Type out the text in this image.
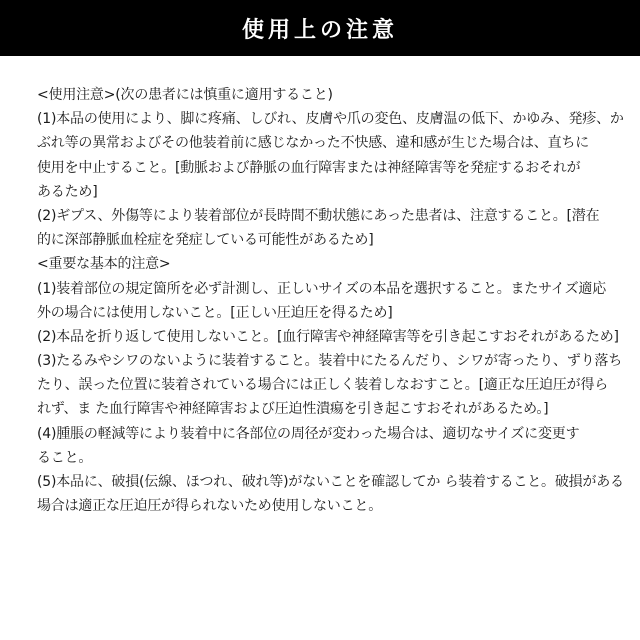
使用上の注意
<使用注意>(次の患者には慎重に適用すること)
(1)本品の使用により、脚に疼痛、しびれ、皮膚や爪の変色、皮膚温の低下、かゆみ、発疹、か
ぶれ等の異常およびその他装着前に感じなかった不快感、違和感が生じた場合は、直ちに
使用を中止すること。[動脈および静脈の血行障害または神経障害等を発症するおそれが
あるため]
(2)ギプス、外傷等により装着部位が長時間不動状態にあった患者は、注意すること。[潜在
的に深部静脈血栓症を発症している可能性があるため]
<重要な基本的注意>
(1)装着部位の規定箇所を必ず計測し、正しいサイズの本品を選択すること。またサイズ適応
外の場合には使用しないこと。[正しい圧迫圧を得るため]
(2)本品を折り返して使用しないこと。[血行障害や神経障害等を引き起こすおそれがあるため]
(3)たるみやシワのないように装着すること。装着中にたるんだり、シワが寄ったり、ずり落ち
たり、誤った位置に装着されている場合には正しく装着しなおすこと。[適正な圧迫圧が得ら
れず、ま た血行障害や神経障害および圧迫性潰瘍を引き起こすおそれがあるため。]
(4)腫脹の軽減等により装着中に各部位の周径が変わった場合は、適切なサイズに変更す
ること。
(5)本品に、破損(伝線、ほつれ、破れ等)がないことを確認してか ら装着すること。破損がある
場合は適正な圧迫圧が得られないため使用しないこと。
